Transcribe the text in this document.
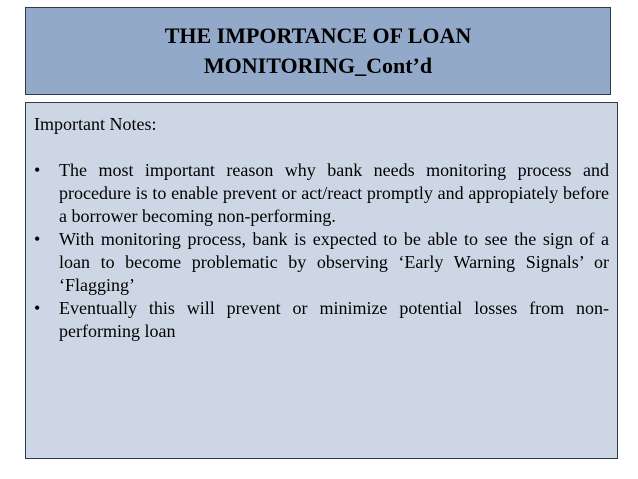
THE IMPORTANCE OF LOAN
MONITORING_Cont’d
Important Notes:
•	The most important reason why bank needs monitoring process and procedure is to enable prevent or act/react promptly and appropiately before a borrower becoming non-performing.
•	With monitoring process, bank is expected to be able to see the sign of a loan to become problematic by observing ‘Early Warning Signals’ or ‘Flagging’
•	Eventually this will prevent or minimize potential losses from non-performing loan
